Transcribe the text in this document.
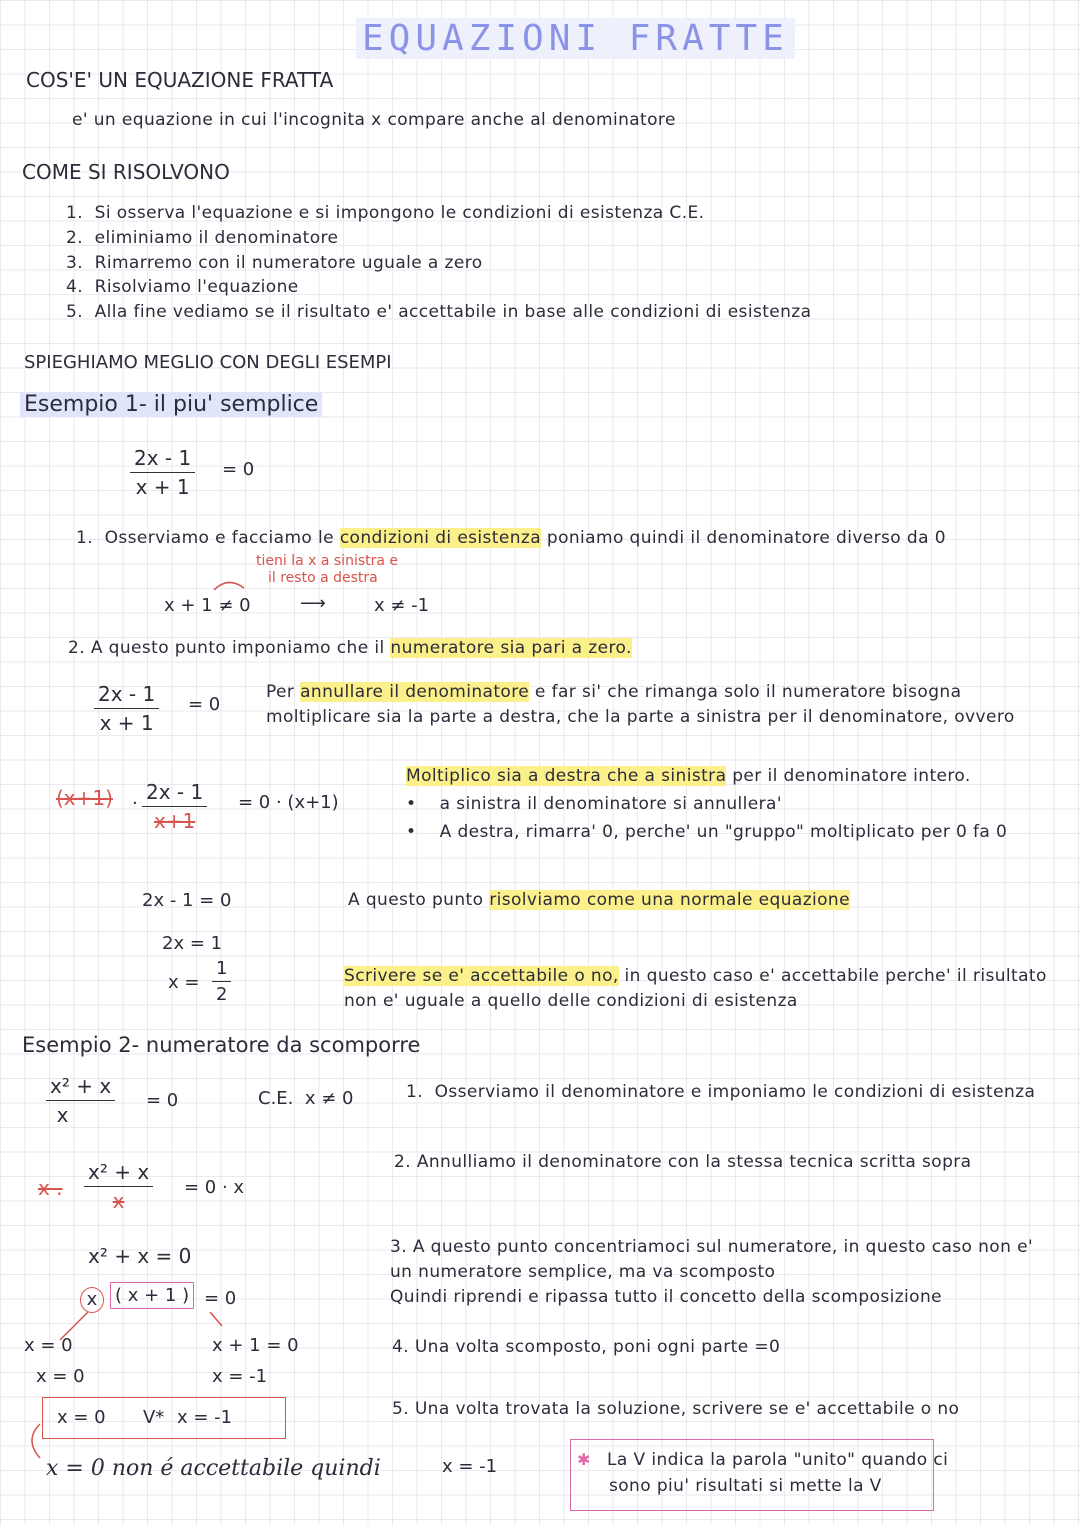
EQUAZIONI FRATTE
COS'E' UN EQUAZIONE FRATTA
e' un equazione in cui l'incognita x compare anche al denominatore
COME SI RISOLVONO
1. Si osserva l'equazione e si impongono le condizioni di esistenza C.E.
2. eliminiamo il denominatore
3. Rimarremo con il numeratore uguale a zero
4. Risolviamo l'equazione
5. Alla fine vediamo se il risultato e' accettabile in base alle condizioni di esistenza
SPIEGHIAMO MEGLIO CON DEGLI ESEMPI
Esempio 1- il piu' semplice
$\frac{2x - 1}{x + 1} = 0$
1. Osserviamo e facciamo le condizioni di esistenza poniamo quindi il denominatore diverso da 0
tieni la x a sinistra e
il resto a destra
x + 1 ≠ 0	⟶	x ≠ -1
2. A questo punto imponiamo che il numeratore sia pari a zero.
$\frac{2x - 1}{x + 1} = 0$
Per annullare il denominatore e far si' che rimanga solo il numeratore bisogna
moltiplicare sia la parte a destra, che la parte a sinistra per il denominatore, ovvero
(x+1) . $\frac{2x - 1}{x+1} = 0 \cdot (x+1)$
Moltiplico sia a destra che a sinistra per il denominatore intero.
•    a sinistra il denominatore si annullera'
•    A destra, rimarra' 0, perche' un "gruppo" moltiplicato per 0 fa 0
2x - 1 = 0
2x = 1
$x = \frac{1}{2}$
A questo punto risolviamo come una normale equazione
Scrivere se e' accettabile o no, in questo caso e' accettabile perche' il risultato
non e' uguale a quello delle condizioni di esistenza
Esempio 2- numeratore da scomporre
$\frac{\text{x² + x}}{x} = 0$	C.E. x ≠ 0	1. Osserviamo il denominatore e imponiamo le condizioni di esistenza
x . $\frac{\text{x² + x}}{x} = 0 \cdot x$
2. Annulliamo il denominatore con la stessa tecnica scritta sopra
x² + x = 0
x ( x + 1 ) = 0
3. A questo punto concentriamoci sul numeratore, in questo caso non e'
un numeratore semplice, ma va scomposto
Quindi riprendi e ripassa tutto il concetto della scomposizione
x = 0
x = 0
x + 1 = 0
x = -1
4. Una volta scomposto, poni ogni parte =0
x = 0 V* x = -1	5. Una volta trovata la soluzione, scrivere se e' accettabile o no
x = 0 non é accettabile quindi	x = -1	✱ La V indica la parola "unito" quando ci
sono piu' risultati si mette la V
